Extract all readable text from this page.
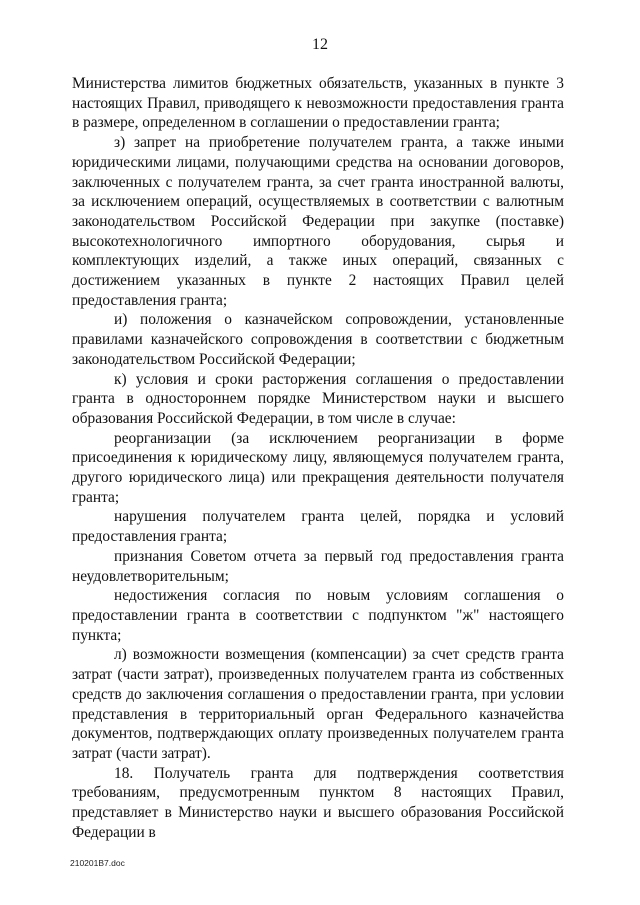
12

Министерства лимитов бюджетных обязательств, указанных в пункте 3 настоящих Правил, приводящего к невозможности предоставления гранта в размере, определенном в соглашении о предоставлении гранта;

з) запрет на приобретение получателем гранта, а также иными юридическими лицами, получающими средства на основании договоров, заключенных с получателем гранта, за счет гранта иностранной валюты, за исключением операций, осуществляемых в соответствии с валютным законодательством Российской Федерации при закупке (поставке) высокотехнологичного импортного оборудования, сырья и комплектующих изделий, а также иных операций, связанных с достижением указанных в пункте 2 настоящих Правил целей предоставления гранта;

и) положения о казначейском сопровождении, установленные правилами казначейского сопровождения в соответствии с бюджетным законодательством Российской Федерации;

к) условия и сроки расторжения соглашения о предоставлении гранта в одностороннем порядке Министерством науки и высшего образования Российской Федерации, в том числе в случае:

реорганизации (за исключением реорганизации в форме присоединения к юридическому лицу, являющемуся получателем гранта, другого юридического лица) или прекращения деятельности получателя гранта;

нарушения получателем гранта целей, порядка и условий предоставления гранта;

признания Советом отчета за первый год предоставления гранта неудовлетворительным;

недостижения согласия по новым условиям соглашения о предоставлении гранта в соответствии с подпунктом "ж" настоящего пункта;

л) возможности возмещения (компенсации) за счет средств гранта затрат (части затрат), произведенных получателем гранта из собственных средств до заключения соглашения о предоставлении гранта, при условии представления в территориальный орган Федерального казначейства документов, подтверждающих оплату произведенных получателем гранта затрат (части затрат).

18. Получатель гранта для подтверждения соответствия требованиям, предусмотренным пунктом 8 настоящих Правил, представляет в Министерство науки и высшего образования Российской Федерации в

210201B7.doc
